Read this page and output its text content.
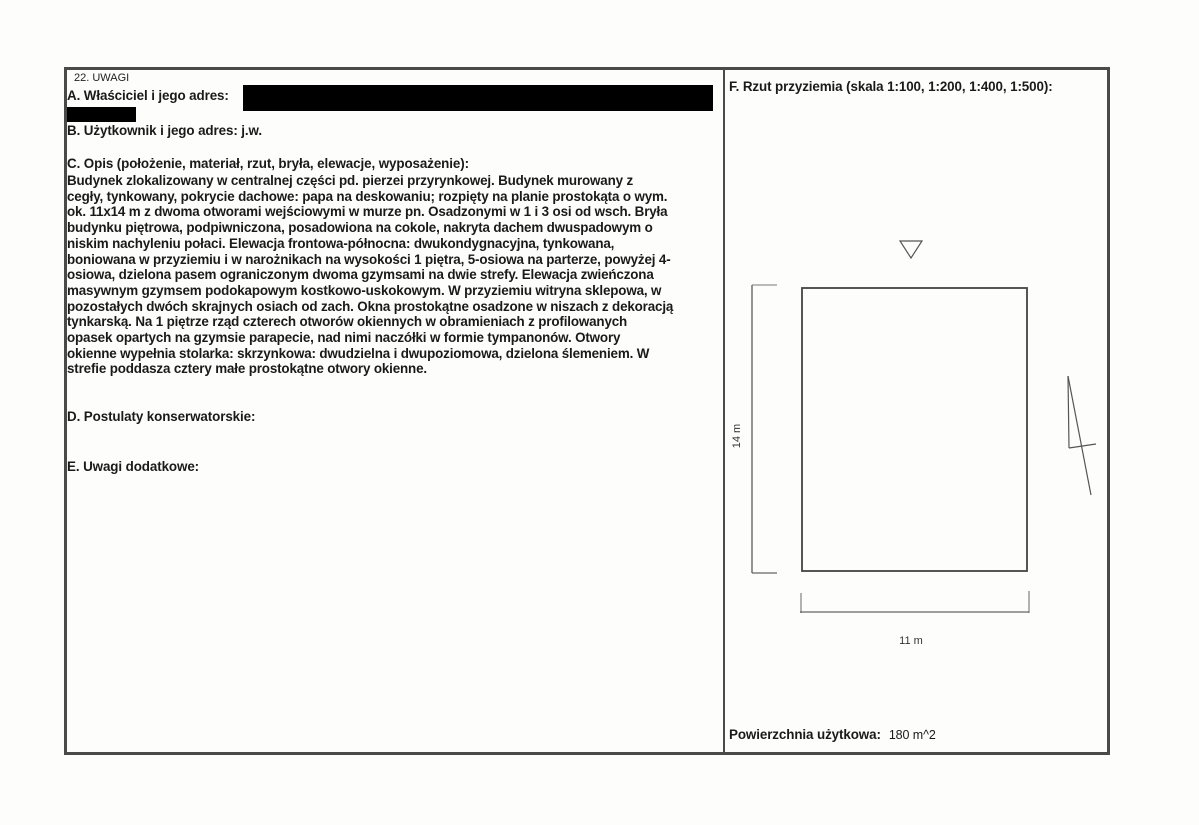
22. UWAGI
A. Właściciel i jego adres:
B. Użytkownik i jego adres: j.w.
C. Opis (położenie, materiał, rzut, bryła, elewacje, wyposażenie):
Budynek zlokalizowany w centralnej części pd. pierzei przyrynkowej. Budynek murowany z
cegły, tynkowany, pokrycie dachowe: papa na deskowaniu; rozpięty na planie prostokąta o wym.
ok. 11x14 m z dwoma otworami wejściowymi w murze pn. Osadzonymi w 1 i 3 osi od wsch. Bryła
budynku piętrowa, podpiwniczona, posadowiona na cokole, nakryta dachem dwuspadowym o
niskim nachyleniu połaci. Elewacja frontowa-północna: dwukondygnacyjna, tynkowana,
boniowana w przyziemiu i w narożnikach na wysokości 1 piętra, 5-osiowa na parterze, powyżej 4-
osiowa, dzielona pasem ograniczonym dwoma gzymsami na dwie strefy. Elewacja zwieńczona
masywnym gzymsem podokapowym kostkowo-uskokowym. W przyziemiu witryna sklepowa, w
pozostałych dwóch skrajnych osiach od zach. Okna prostokątne osadzone w niszach z dekoracją
tynkarską. Na 1 piętrze rząd czterech otworów okiennych w obramieniach z profilowanych
opasek opartych na gzymsie parapecie, nad nimi naczółki w formie tympanonów. Otwory
okienne wypełnia stolarka: skrzynkowa: dwudzielna i dwupoziomowa, dzielona ślemeniem. W
strefie poddasza cztery małe prostokątne otwory okienne.
D. Postulaty konserwatorskie:
E. Uwagi dodatkowe:
F. Rzut przyziemia (skala 1:100, 1:200, 1:400, 1:500):
14 m
11 m
Powierzchnia użytkowa: 180 m^2
